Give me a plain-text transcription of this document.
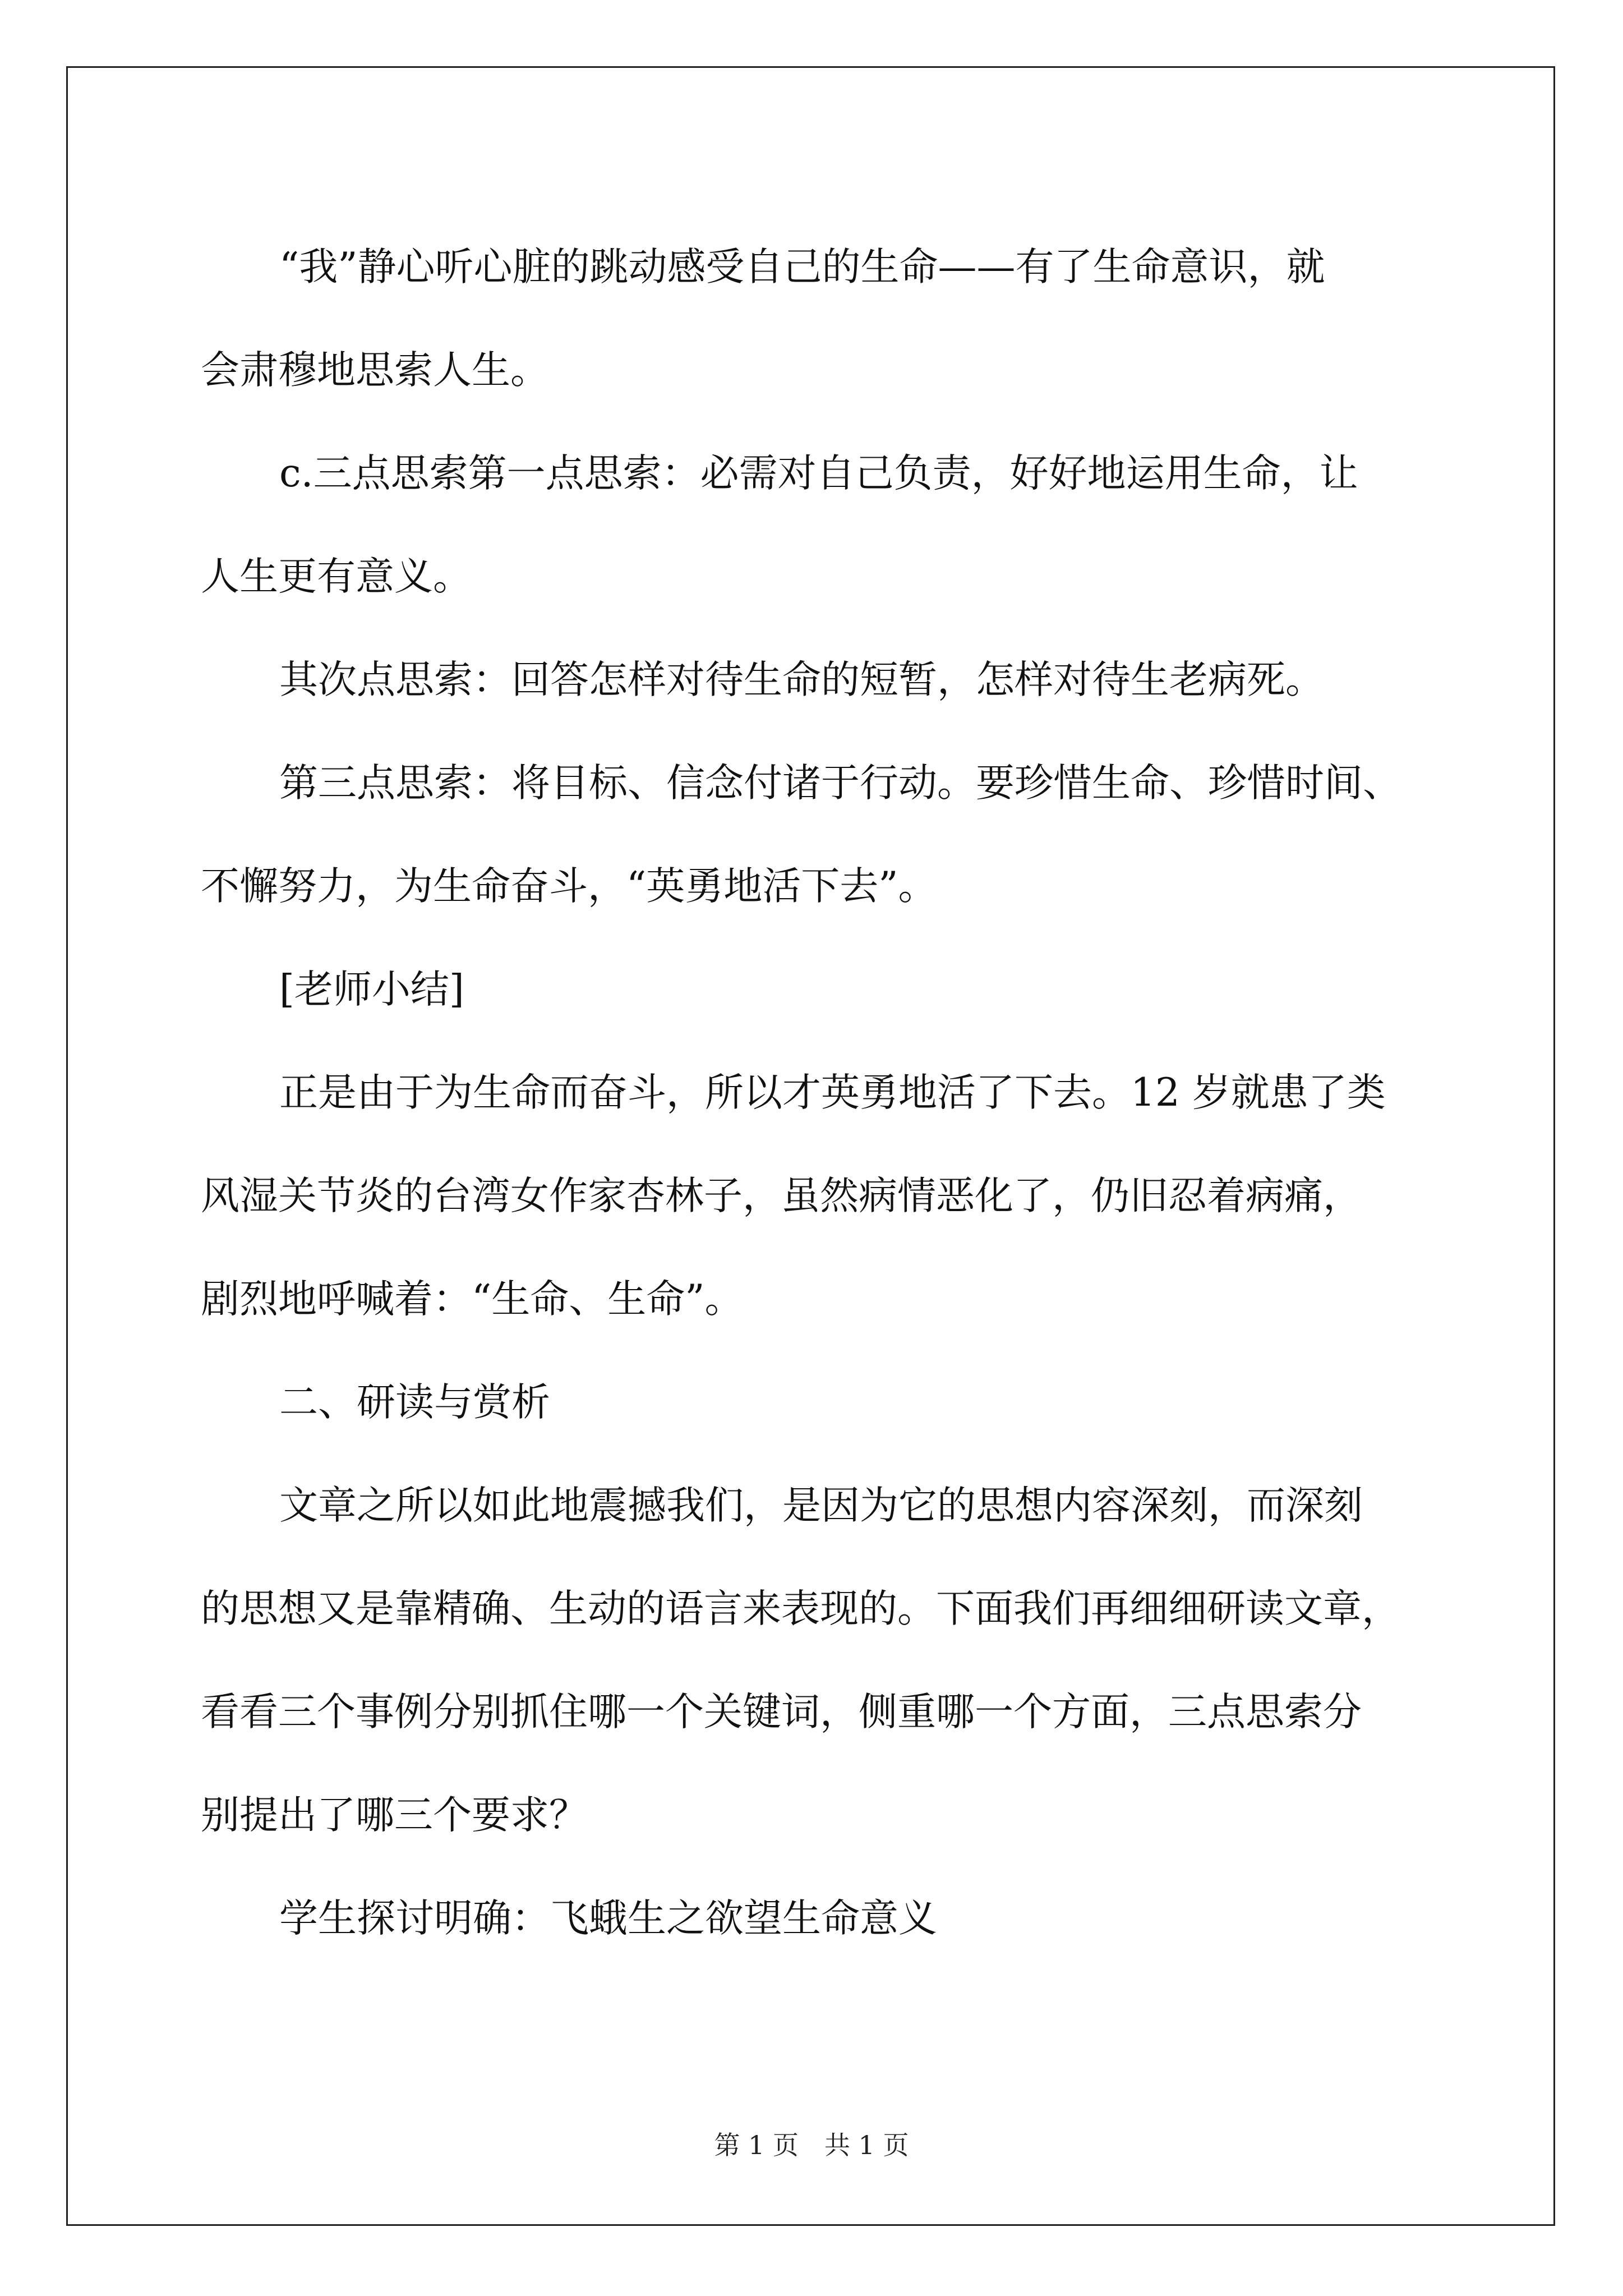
“我”静心听心脏的跳动感受自己的生命——有了生命意识，就

会肃穆地思索人生。

c.三点思索第一点思索：必需对自己负责，好好地运用生命，让

人生更有意义。

其次点思索：回答怎样对待生命的短暂，怎样对待生老病死。

第三点思索：将目标、信念付诸于行动。要珍惜生命、珍惜时间、

不懈努力，为生命奋斗，“英勇地活下去”。

[老师小结]

正是由于为生命而奋斗，所以才英勇地活了下去。12 岁就患了类

风湿关节炎的台湾女作家杏林子，虽然病情恶化了，仍旧忍着病痛，

剧烈地呼喊着：“生命、生命”。

二、研读与赏析

文章之所以如此地震撼我们，是因为它的思想内容深刻，而深刻

的思想又是靠精确、生动的语言来表现的。下面我们再细细研读文章，

看看三个事例分别抓住哪一个关键词，侧重哪一个方面，三点思索分

别提出了哪三个要求？

学生探讨明确：飞蛾生之欲望生命意义

第 1 页　共 1 页
